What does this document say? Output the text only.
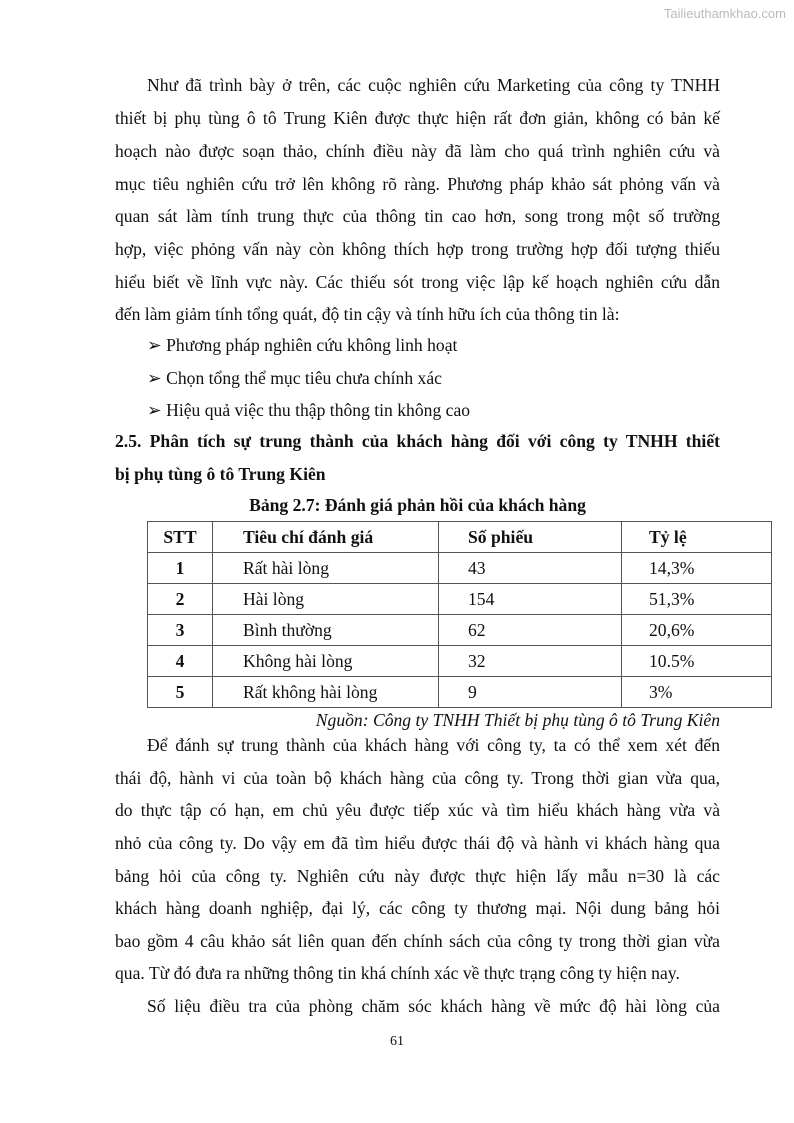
Tailieuthamkhao.com
Như đã trình bày ở trên, các cuộc nghiên cứu Marketing của công ty TNHH
thiết bị phụ tùng ô tô Trung Kiên được thực hiện rất đơn giản, không có bản kế
hoạch nào được soạn thảo, chính điều này đã làm cho quá trình nghiên cứu và
mục tiêu nghiên cứu trở lên không rõ ràng. Phương pháp khảo sát phỏng vấn và
quan sát làm tính trung thực của thông tin cao hơn, song trong một số trường
hợp, việc phỏng vấn này còn không thích hợp trong trường hợp đối tượng thiếu
hiểu biết về lĩnh vực này. Các thiếu sót trong việc lập kế hoạch nghiên cứu dẫn
đến làm giảm tính tổng quát, độ tin cậy và tính hữu ích của thông tin là:
➢ Phương pháp nghiên cứu không linh hoạt
➢ Chọn tổng thể mục tiêu chưa chính xác
➢ Hiệu quả việc thu thập thông tin không cao
2.5. Phân tích sự trung thành của khách hàng đối với công ty TNHH thiết
bị phụ tùng ô tô Trung Kiên
Bảng 2.7: Đánh giá phản hồi của khách hàng
STT	Tiêu chí đánh giá	Số phiếu	Tỷ lệ
1	Rất hài lòng	43	14,3%
2	Hài lòng	154	51,3%
3	Bình thường	62	20,6%
4	Không hài lòng	32	10.5%
5	Rất không hài lòng	9	3%
Nguồn: Công ty TNHH Thiết bị phụ tùng ô tô Trung Kiên
Để đánh sự trung thành của khách hàng với công ty, ta có thể xem xét đến
thái độ, hành vi của toàn bộ khách hàng của công ty. Trong thời gian vừa qua,
do thực tập có hạn, em chủ yêu được tiếp xúc và tìm hiểu khách hàng vừa và
nhỏ của công ty. Do vậy em đã tìm hiểu được thái độ và hành vi khách hàng qua
bảng hỏi của công ty. Nghiên cứu này được thực hiện lấy mẫu n=30 là các
khách hàng doanh nghiệp, đại lý, các công ty thương mại. Nội dung bảng hỏi
bao gồm 4 câu khảo sát liên quan đến chính sách của công ty trong thời gian vừa
qua. Từ đó đưa ra những thông tin khá chính xác về thực trạng công ty hiện nay.
Số liệu điều tra của phòng chăm sóc khách hàng về mức độ hài lòng của
61
